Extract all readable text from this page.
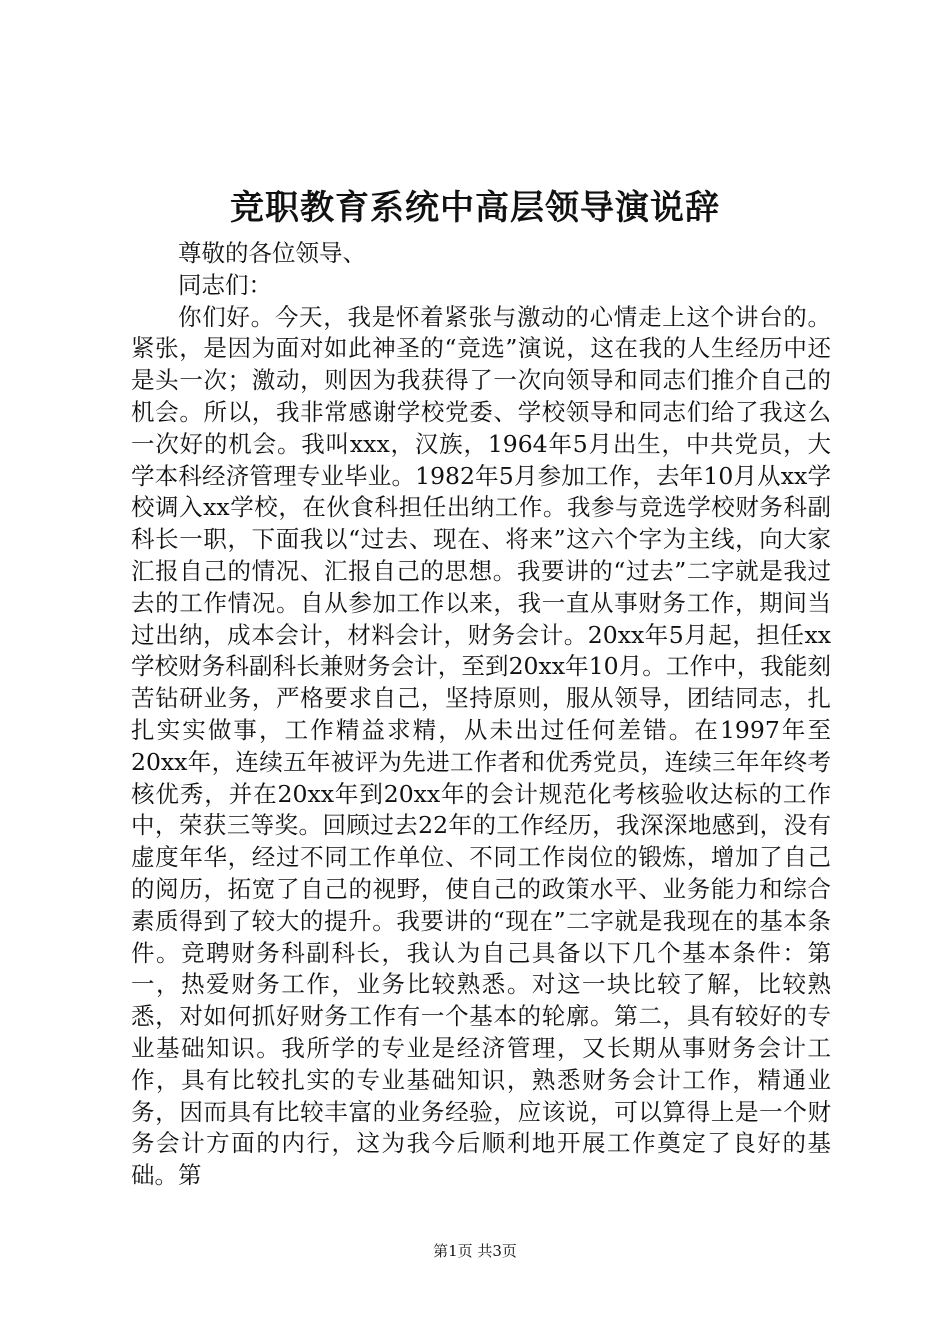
竞职教育系统中高层领导演说辞

尊敬的各位领导、

同志们：

你们好。今天，我是怀着紧张与激动的心情走上这个讲台的。紧张，是因为面对如此神圣的“竞选”演说，这在我的人生经历中还是头一次；激动，则因为我获得了一次向领导和同志们推介自己的机会。所以，我非常感谢学校党委、学校领导和同志们给了我这么一次好的机会。我叫xxx，汉族，1964年5月出生，中共党员，大学本科经济管理专业毕业。1982年5月参加工作，去年10月从xx学校调入xx学校，在伙食科担任出纳工作。我参与竞选学校财务科副科长一职，下面我以“过去、现在、将来”这六个字为主线，向大家汇报自己的情况、汇报自己的思想。我要讲的“过去”二字就是我过去的工作情况。自从参加工作以来，我一直从事财务工作，期间当过出纳，成本会计，材料会计，财务会计。20xx年5月起，担任xx学校财务科副科长兼财务会计，至到20xx年10月。工作中，我能刻苦钻研业务，严格要求自己，坚持原则，服从领导，团结同志，扎扎实实做事，工作精益求精，从未出过任何差错。在1997年至20xx年，连续五年被评为先进工作者和优秀党员，连续三年年终考核优秀，并在20xx年到20xx年的会计规范化考核验收达标的工作中，荣获三等奖。回顾过去22年的工作经历，我深深地感到，没有虚度年华，经过不同工作单位、不同工作岗位的锻炼，增加了自己的阅历，拓宽了自己的视野，使自己的政策水平、业务能力和综合素质得到了较大的提升。我要讲的“现在”二字就是我现在的基本条件。竞聘财务科副科长，我认为自己具备以下几个基本条件：第一，热爱财务工作，业务比较熟悉。对这一块比较了解，比较熟悉，对如何抓好财务工作有一个基本的轮廓。第二，具有较好的专业基础知识。我所学的专业是经济管理，又长期从事财务会计工作，具有比较扎实的专业基础知识，熟悉财务会计工作，精通业务，因而具有比较丰富的业务经验，应该说，可以算得上是一个财务会计方面的内行，这为我今后顺利地开展工作奠定了良好的基础。第

第1页 共3页
